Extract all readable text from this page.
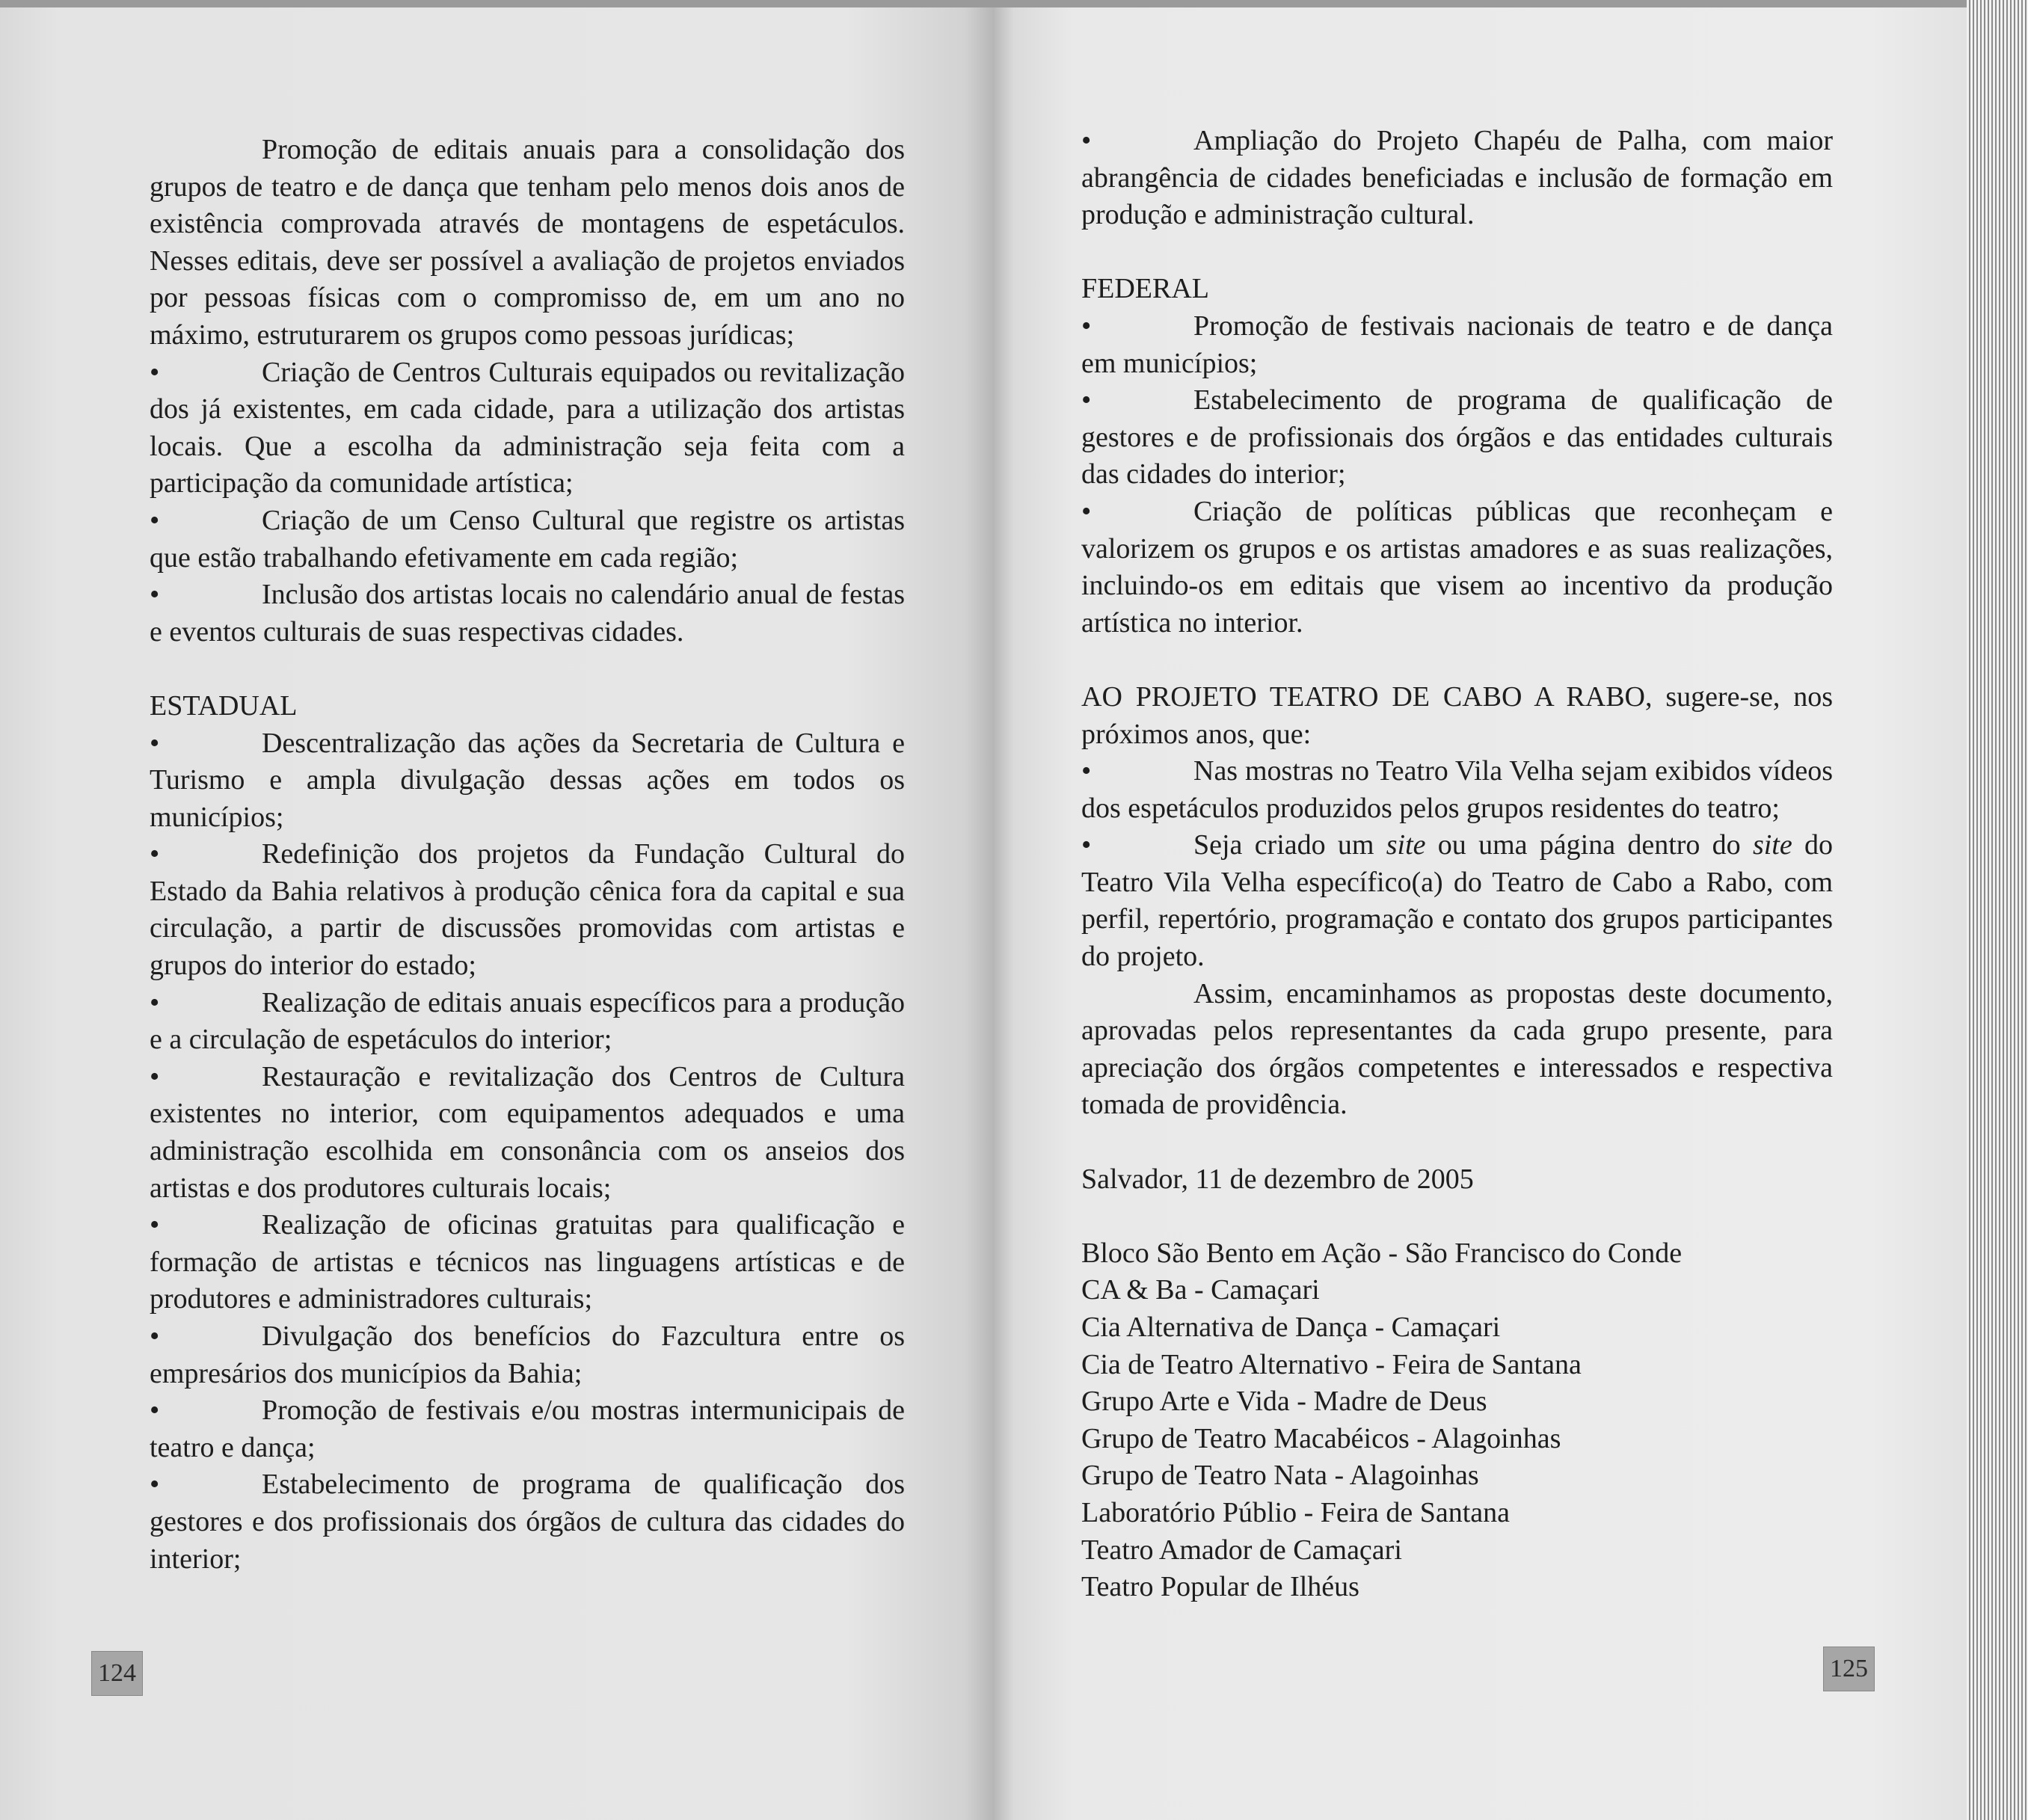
Promoção de editais anuais para a consolidação dos grupos de teatro e de dança que tenham pelo menos dois anos de existência comprovada através de montagens de espetáculos. Nesses editais, deve ser possível a avaliação de projetos enviados por pessoas físicas com o compromisso de, em um ano no máximo, estruturarem os grupos como pessoas jurídicas;

•	Criação de Centros Culturais equipados ou revitalização dos já existentes, em cada cidade, para a utilização dos artistas locais. Que a escolha da administração seja feita com a participação da comunidade artística;

•	Criação de um Censo Cultural que registre os artistas que estão trabalhando efetivamente em cada região;

•	Inclusão dos artistas locais no calendário anual de festas e eventos culturais de suas respectivas cidades.

ESTADUAL

•	Descentralização das ações da Secretaria de Cultura e Turismo e ampla divulgação dessas ações em todos os municípios;

•	Redefinição dos projetos da Fundação Cultural do Estado da Bahia relativos à produção cênica fora da capital e sua circulação, a partir de discussões promovidas com artistas e grupos do interior do estado;

•	Realização de editais anuais específicos para a produção e a circulação de espetáculos do interior;

•	Restauração e revitalização dos Centros de Cultura existentes no interior, com equipamentos adequados e uma administração escolhida em consonância com os anseios dos artistas e dos produtores culturais locais;

•	Realização de oficinas gratuitas para qualificação e formação de artistas e técnicos nas linguagens artísticas e de produtores e administradores culturais;

•	Divulgação dos benefícios do Fazcultura entre os empresários dos municípios da Bahia;

•	Promoção de festivais e/ou mostras intermunicipais de teatro e dança;

•	Estabelecimento de programa de qualificação dos gestores e dos profissionais dos órgãos de cultura das cidades do interior;

124

•	Ampliação do Projeto Chapéu de Palha, com maior abrangência de cidades beneficiadas e inclusão de formação em produção e administração cultural.

FEDERAL

•	Promoção de festivais nacionais de teatro e de dança em municípios;

•	Estabelecimento de programa de qualificação de gestores e de profissionais dos órgãos e das entidades culturais das cidades do interior;

•	Criação de políticas públicas que reconheçam e valorizem os grupos e os artistas amadores e as suas realizações, incluindo-os em editais que visem ao incentivo da produção artística no interior.

AO PROJETO TEATRO DE CABO A RABO, sugere-se, nos próximos anos, que:

•	Nas mostras no Teatro Vila Velha sejam exibidos vídeos dos espetáculos produzidos pelos grupos residentes do teatro;

•	Seja criado um site ou uma página dentro do site do Teatro Vila Velha específico(a) do Teatro de Cabo a Rabo, com perfil, repertório, programação e contato dos grupos participantes do projeto.

Assim, encaminhamos as propostas deste documento, aprovadas pelos representantes da cada grupo presente, para apreciação dos órgãos competentes e interessados e respectiva tomada de providência.

Salvador, 11 de dezembro de 2005

Bloco São Bento em Ação - São Francisco do Conde

CA & Ba - Camaçari

Cia Alternativa de Dança - Camaçari

Cia de Teatro Alternativo - Feira de Santana

Grupo Arte e Vida - Madre de Deus

Grupo de Teatro Macabéicos - Alagoinhas

Grupo de Teatro Nata - Alagoinhas

Laboratório Públio - Feira de Santana

Teatro Amador de Camaçari

Teatro Popular de Ilhéus

125
